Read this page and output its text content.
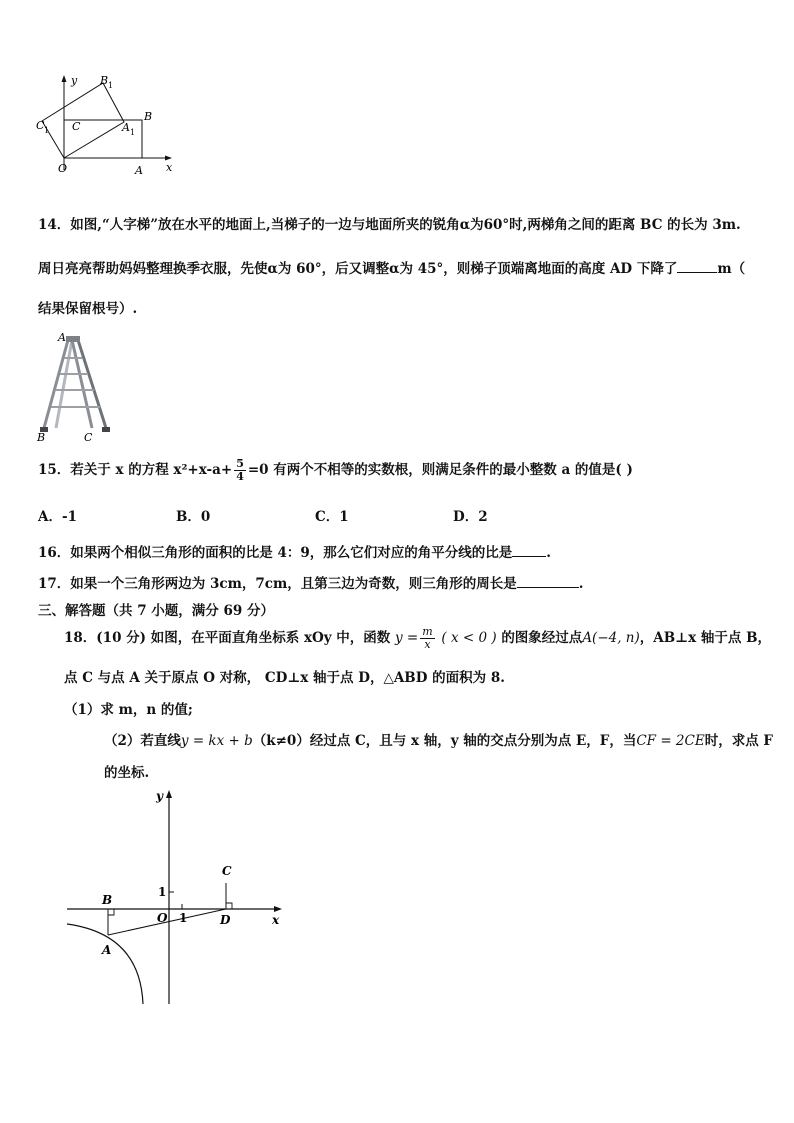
y B 1
B
C 1 C	A 1
O	A x
14．如图,“人字梯”放在水平的地面上,当梯子的一边与地面所夹的锐角α为60°时,两梯角之间的距离 BC 的长为 3m.
周日亮亮帮助妈妈整理换季衣服，先使α为 60°，后又调整α为 45°，则梯子顶端离地面的高度 AD 下降了	m（
结果保留根号）.
A
B	C
15．若关于 x 的方程 $x^2+x-a+ \frac{5}{4} =0$ 有两个不相等的实数根，则满足条件的最小整数 a 的值是( )
A．-1	B．0	C．1	D．2
16．如果两个相似三角形的面积的比是 4：9，那么它们对应的角平分线的比是	.
17．如果一个三角形两边为 3cm，7cm，且第三边为奇数，则三角形的周长是	.
三、解答题（共 7 小题，满分 69 分）
18．(10 分) 如图，在平面直角坐标系 xOy 中，函数 $y = \frac{m}{x}$ ( x < 0 ) 的图象经过点A(−4, n)，AB⊥x 轴于点 B，
点 C 与点 A 关于原点 O 对称， CD⊥x 轴于点 D，△ABD 的面积为 8.
（1）求 m，n 的值;
（2）若直线y = kx + b（k≠0）经过点 C，且与 x 轴，y 轴的交点分别为点 E，F，当CF = 2CE时，求点 F
的坐标.
y
C
1
B
O 1	D	x
A
